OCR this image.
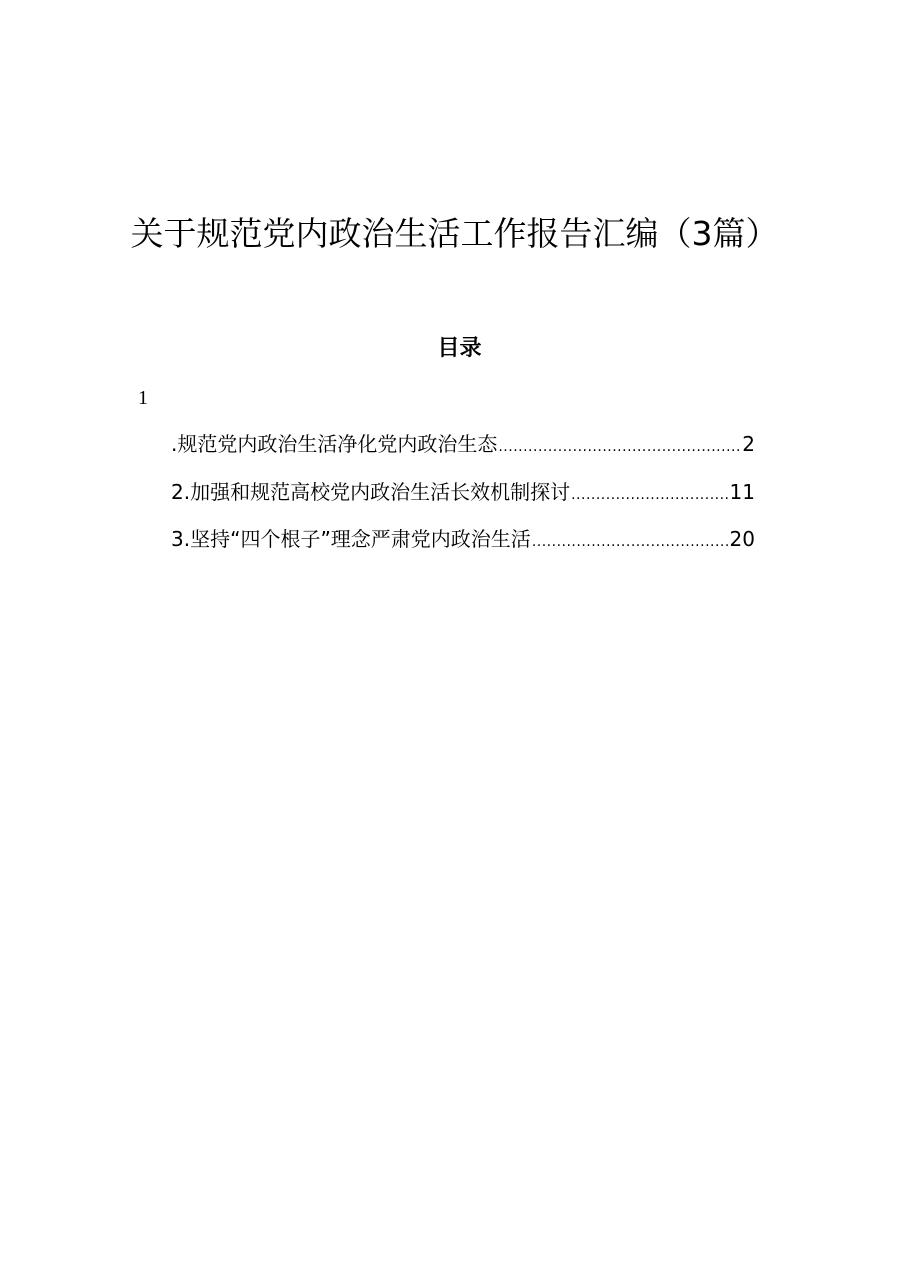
关于规范党内政治生活工作报告汇编（3篇）
目录
1
.规范党内政治生活净化党内政治生态 .....	2
2.加强和规范高校党内政治生活长效机制探讨 .....	11
3.坚持“四个根子”理念严肃党内政治生活 .....	20
